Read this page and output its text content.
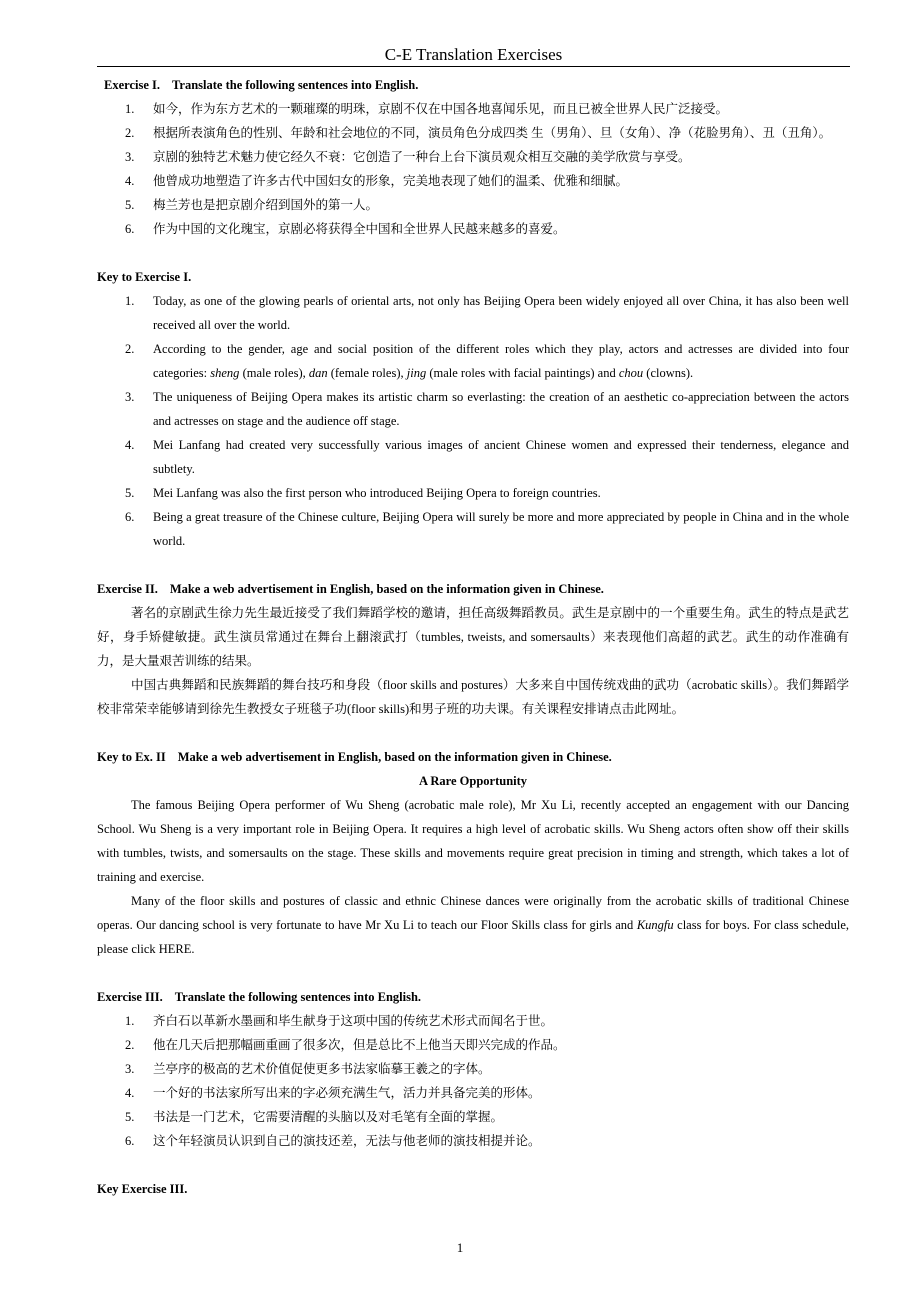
C-E Translation Exercises
Exercise I. Translate the following sentences into English.
1. 如今，作为东方艺术的一颗璀璨的明珠，京剧不仅在中国各地喜闻乐见，而且已被全世界人民广泛接受。
2. 根据所表演角色的性别、年龄和社会地位的不同，演员角色分成四类 生（男角）、旦（女角）、净（花脸男角）、丑（丑角）。
3. 京剧的独特艺术魅力使它经久不衰：它创造了一种台上台下演员观众相互交融的美学欣赏与享受。
4. 他曾成功地塑造了许多古代中国妇女的形象，完美地表现了她们的温柔、优雅和细腻。
5. 梅兰芳也是把京剧介绍到国外的第一人。
6. 作为中国的文化瑰宝，京剧必将获得全中国和全世界人民越来越多的喜爱。
Key to Exercise I.
1. Today, as one of the glowing pearls of oriental arts, not only has Beijing Opera been widely enjoyed all over China, it has also been well received all over the world.
2. According to the gender, age and social position of the different roles which they play, actors and actresses are divided into four categories: sheng (male roles), dan (female roles), jing (male roles with facial paintings) and chou (clowns).
3. The uniqueness of Beijing Opera makes its artistic charm so everlasting: the creation of an aesthetic co-appreciation between the actors and actresses on stage and the audience off stage.
4. Mei Lanfang had created very successfully various images of ancient Chinese women and expressed their tenderness, elegance and subtlety.
5. Mei Lanfang was also the first person who introduced Beijing Opera to foreign countries.
6. Being a great treasure of the Chinese culture, Beijing Opera will surely be more and more appreciated by people in China and in the whole world.
Exercise II. Make a web advertisement in English, based on the information given in Chinese.

著名的京剧武生徐力先生最近接受了我们舞蹈学校的邀请，担任高级舞蹈教员。武生是京剧中的一个重要生角。武生的特点是武艺好，身手矫健敏捷。武生演员常通过在舞台上翻滚武打（tumbles, tweists, and somersaults）来表现他们高超的武艺。武生的动作准确有力，是大量艰苦训练的结果。

中国古典舞蹈和民族舞蹈的舞台技巧和身段（floor skills and postures）大多来自中国传统戏曲的武功（acrobatic skills）。我们舞蹈学校非常荣幸能够请到徐先生教授女子班毯子功(floor skills)和男子班的功夫课。有关课程安排请点击此网址。

Key to Ex. II Make a web advertisement in English, based on the information given in Chinese.
A Rare Opportunity

The famous Beijing Opera performer of Wu Sheng (acrobatic male role), Mr Xu Li, recently accepted an engagement with our Dancing School. Wu Sheng is a very important role in Beijing Opera. It requires a high level of acrobatic skills. Wu Sheng actors often show off their skills with tumbles, twists, and somersaults on the stage. These skills and movements require great precision in timing and strength, which takes a lot of training and exercise.

Many of the floor skills and postures of classic and ethnic Chinese dances were originally from the acrobatic skills of traditional Chinese operas. Our dancing school is very fortunate to have Mr Xu Li to teach our Floor Skills class for girls and Kungfu class for boys. For class schedule, please click HERE.

Exercise III. Translate the following sentences into English.
1. 齐白石以革新水墨画和毕生献身于这项中国的传统艺术形式而闻名于世。
2. 他在几天后把那幅画重画了很多次，但是总比不上他当天即兴完成的作品。
3. 兰亭序的极高的艺术价值促使更多书法家临摹王羲之的字体。
4. 一个好的书法家所写出来的字必须充满生气，活力并具备完美的形体。
5. 书法是一门艺术，它需要清醒的头脑以及对毛笔有全面的掌握。
6. 这个年轻演员认识到自己的演技还差，无法与他老师的演技相提并论。
Key Exercise III.
1
